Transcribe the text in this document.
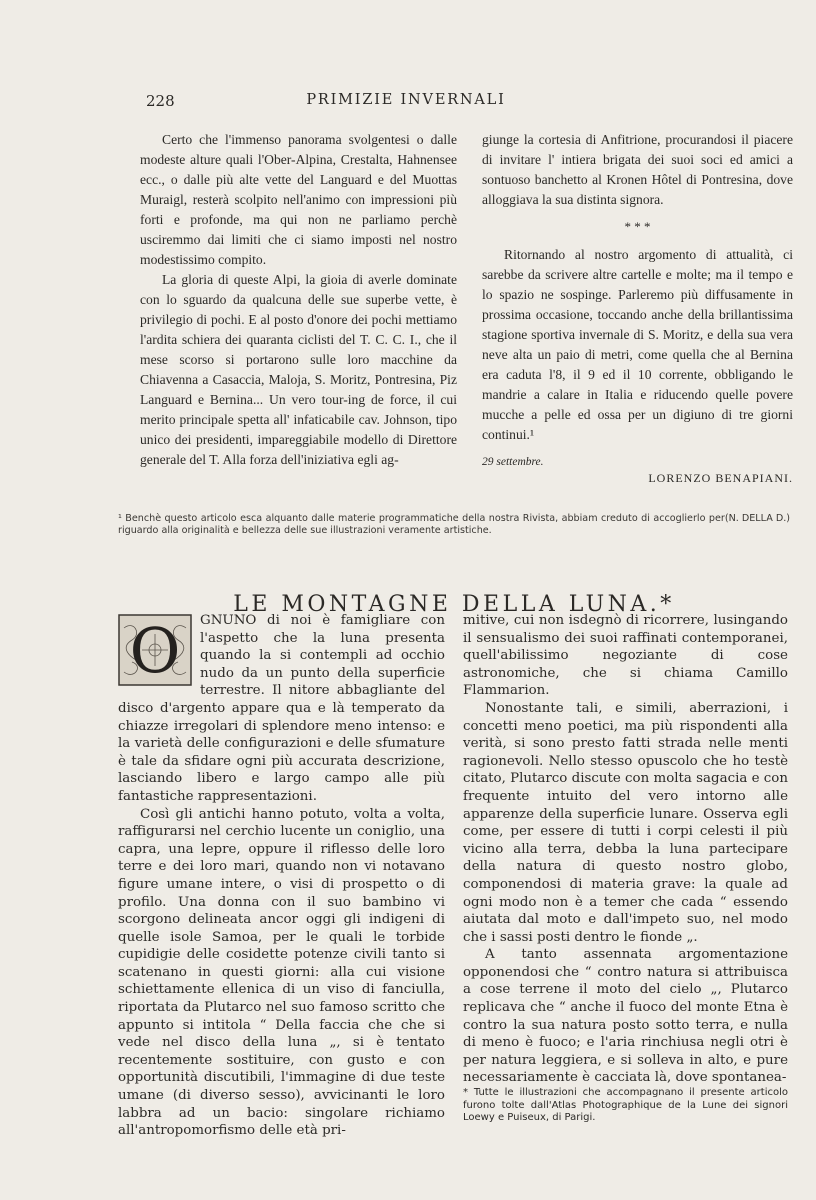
228	PRIMIZIE INVERNALI

Certo che l'immenso panorama svolgentesi o dalle modeste alture quali l'Ober-Alpina, Crestalta, Hahnensee ecc., o dalle più alte vette del Languard e del Muottas Muraigl, resterà scolpito nell'animo con impressioni più forti e profonde, ma qui non ne parliamo perchè usciremmo dai limiti che ci siamo imposti nel nostro modestissimo compito.

La gloria di queste Alpi, la gioia di averle dominate con lo sguardo da qualcuna delle sue superbe vette, è privilegio di pochi. E al posto d'onore dei pochi mettiamo l'ardita schiera dei quaranta ciclisti del T. C. C. I., che il mese scorso si portarono sulle loro macchine da Chiavenna a Casaccia, Maloja, S. Moritz, Pontresina, Piz Languard e Bernina... Un vero tour-ing de force, il cui merito principale spetta all' infaticabile cav. Johnson, tipo unico dei presidenti, impareggiabile modello di Direttore generale del T. Alla forza dell'iniziativa egli ag-

giunge la cortesia di Anfitrione, procurandosi il piacere di invitare l' intiera brigata dei suoi soci ed amici a sontuoso banchetto al Kronen Hôtel di Pontresina, dove alloggiava la sua distinta signora.

* * *

Ritornando al nostro argomento di attualità, ci sarebbe da scrivere altre cartelle e molte; ma il tempo e lo spazio ne sospinge. Parleremo più diffusamente in prossima occasione, toccando anche della brillantissima stagione sportiva invernale di S. Moritz, e della sua vera neve alta un paio di metri, come quella che al Bernina era caduta l'8, il 9 ed il 10 corrente, obbligando le mandrie a calare in Italia e riducendo quelle povere mucche a pelle ed ossa per un digiuno di tre giorni continui.¹

29 settembre.
LORENZO BENAPIANI.
(N. DELLA D.)
¹ Benchè questo articolo esca alquanto dalle materie programmatiche della nostra Rivista, abbiam creduto di accoglierlo per riguardo alla originalità e bellezza delle sue illustrazioni veramente artistiche.
LE MONTAGNE DELLA LUNA.*
O	GNUNO di noi è famigliare con l'aspetto che la luna presenta quando la si contempli ad occhio nudo da un punto della superficie terrestre. Il nitore abbagliante del disco d'argento appare qua e là temperato da chiazze irregolari di splendore meno intenso: e la varietà delle configurazioni e delle sfumature è tale da sfidare ogni più accurata descrizione, lasciando libero e largo campo alle più fantastiche rappresentazioni.

Così gli antichi hanno potuto, volta a volta, raffigurarsi nel cerchio lucente un coniglio, una capra, una lepre, oppure il riflesso delle loro terre e dei loro mari, quando non vi notavano figure umane intere, o visi di prospetto o di profilo. Una donna con il suo bambino vi scorgono delineata ancor oggi gli indigeni di quelle isole Samoa, per le quali le torbide cupidigie delle cosidette potenze civili tanto si scatenano in questi giorni: alla cui visione schiettamente ellenica di un viso di fanciulla, riportata da Plutarco nel suo famoso scritto che appunto si intitola “ Della faccia che che si vede nel disco della luna „, si è tentato recentemente sostituire, con gusto e con opportunità discutibili, l'immagine di due teste umane (di diverso sesso), avvicinanti le loro labbra ad un bacio: singolare richiamo all'antropomorfismo delle età pri-

mitive, cui non isdegnò di ricorrere, lusingando il sensualismo dei suoi raffinati contemporanei, quell'abilissimo negoziante di cose astronomiche, che si chiama Camillo Flammarion.

Nonostante tali, e simili, aberrazioni, i concetti meno poetici, ma più rispondenti alla verità, si sono presto fatti strada nelle menti ragionevoli. Nello stesso opuscolo che ho testè citato, Plutarco discute con molta sagacia e con frequente intuito del vero intorno alle apparenze della superficie lunare. Osserva egli come, per essere di tutti i corpi celesti il più vicino alla terra, debba la luna partecipare della natura di questo nostro globo, componendosi di materia grave: la quale ad ogni modo non è a temer che cada “ essendo aiutata dal moto e dall'impeto suo, nel modo che i sassi posti dentro le fionde „.

A tanto assennata argomentazione opponendosi che “ contro natura si attribuisca a cose terrene il moto del cielo „, Plutarco replicava che “ anche il fuoco del monte Etna è contro la sua natura posto sotto terra, e nulla di meno è fuoco; e l'aria rinchiusa negli otri è per natura leggiera, e si solleva in alto, e pure necessariamente è cacciata là, dove spontanea-

* Tutte le illustrazioni che accompagnano il presente articolo furono tolte dall'Atlas Photographique de la Lune dei signori Loewy e Puiseux, di Parigi.
